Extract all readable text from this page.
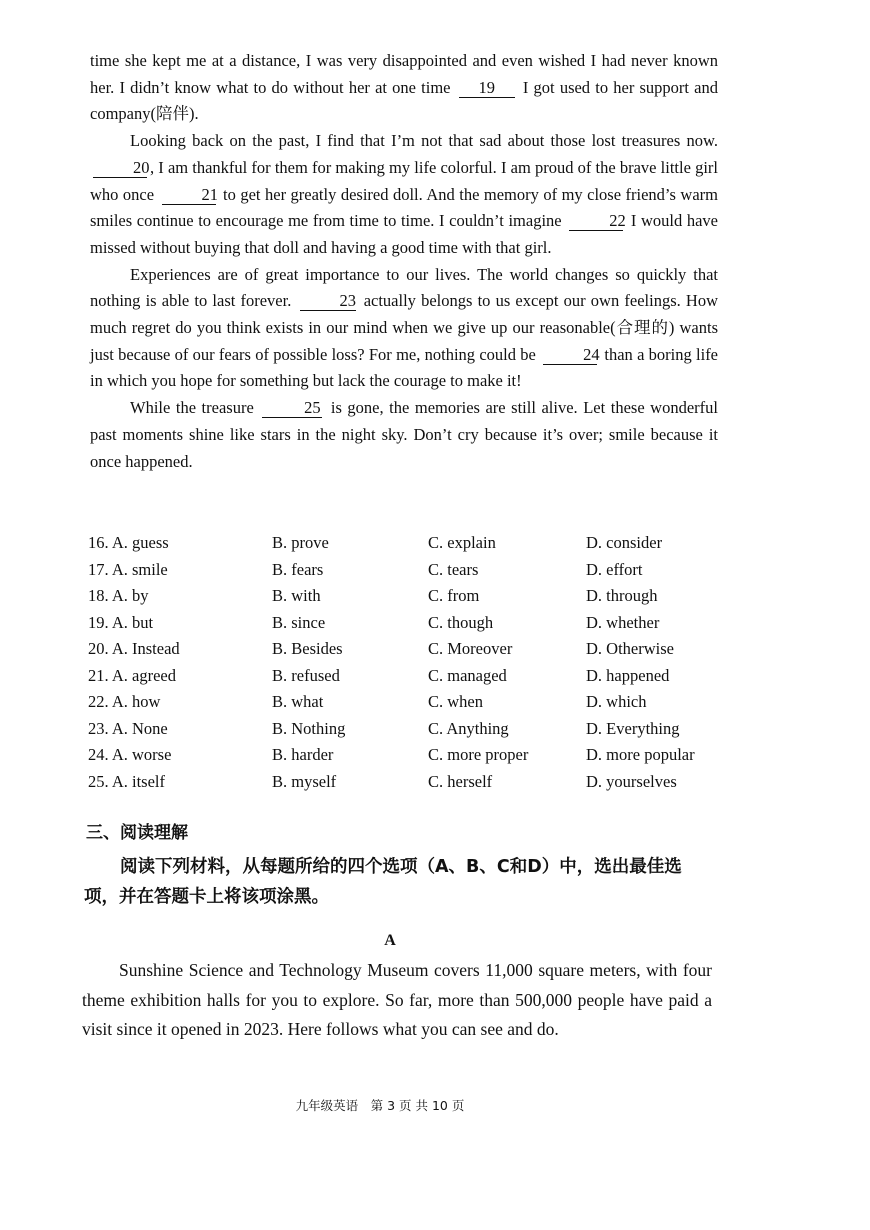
time she kept me at a distance, I was very disappointed and even wished I had never known her. I didn’t know what to do without her at one time 19 I got used to her support and company(陪伴).

Looking back on the past, I find that I’m not that sad about those lost treasures now. 20, I am thankful for them for making my life colorful. I am proud of the brave little girl who once	21 to get her greatly desired doll. And the memory of my close friend’s warm smiles continue to encourage me from time to time. I couldn’t imagine	22 I would have missed without buying that doll and having a good time with that girl.

Experiences are of great importance to our lives. The world changes so quickly that nothing is able to last forever.	23 actually belongs to us except our own feelings. How much regret do you think exists in our mind when we give up our reasonable(合理的) wants just because of our fears of possible loss? For me, nothing could be	24 than a boring life in which you hope for something but lack the courage to make it!

While the treasure	25 is gone, the memories are still alive. Let these wonderful past moments shine like stars in the night sky. Don’t cry because it’s over; smile because it once happened.

16. A. guess	B. prove	C. explain	D. consider
17. A. smile	B. fears	C. tears	D. effort
18. A. by	B. with	C. from	D. through
19. A. but	B. since	C. though	D. whether
20. A. Instead	B. Besides	C. Moreover	D. Otherwise
21. A. agreed	B. refused	C. managed	D. happened
22. A. how	B. what	C. when	D. which
23. A. None	B. Nothing	C. Anything	D. Everything
24. A. worse	B. harder	C. more proper	D. more popular
25. A. itself	B. myself	C. herself	D. yourselves
三、阅读理解
阅读下列材料，从每题所给的四个选项（A、B、C和D）中，选出最佳选
项，并在答题卡上将该项涂黑。
A

Sunshine Science and Technology Museum covers 11,000 square meters, with four theme exhibition halls for you to explore. So far, more than 500,000 people have paid a visit since it opened in 2023. Here follows what you can see and do.

九年级英语　第 3 页 共 10 页
